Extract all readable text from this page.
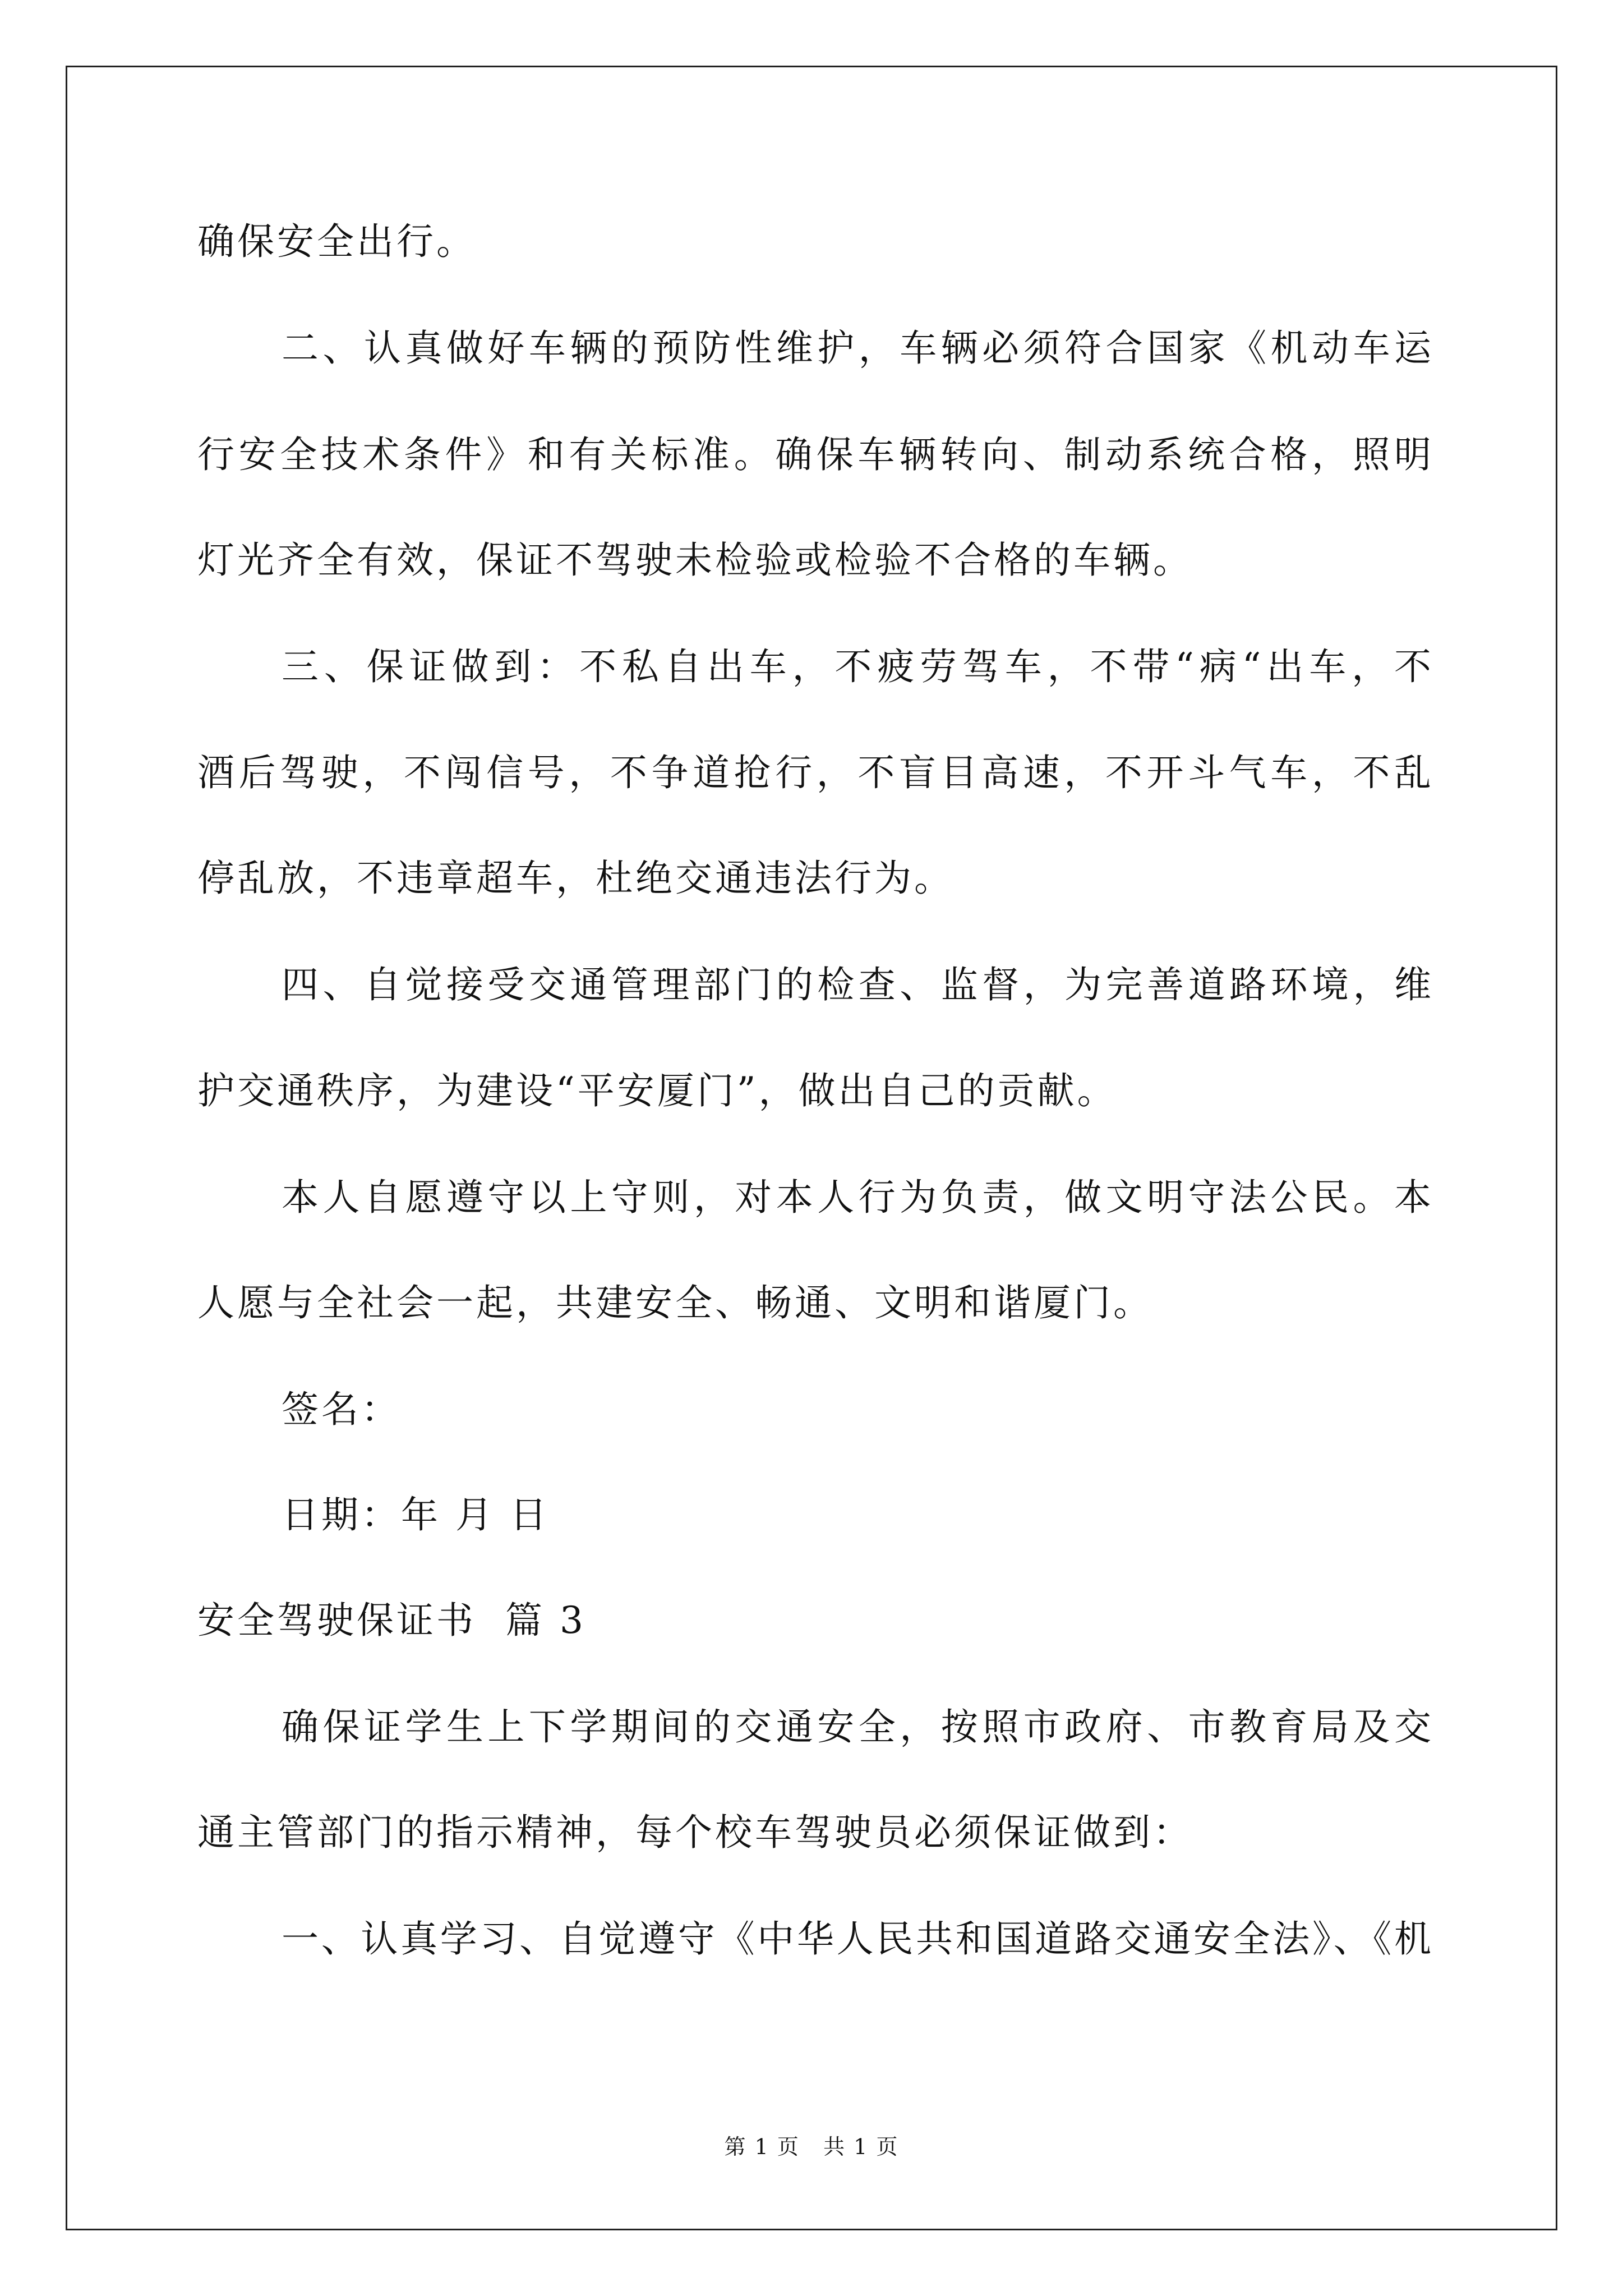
确保安全出行。

二、认真做好车辆的预防性维护，车辆必须符合国家《机动车运

行安全技术条件》和有关标准。确保车辆转向、制动系统合格，照明

灯光齐全有效，保证不驾驶未检验或检验不合格的车辆。

三、保证做到：不私自出车，不疲劳驾车，不带“病“出车，不

酒后驾驶，不闯信号，不争道抢行，不盲目高速，不开斗气车，不乱

停乱放，不违章超车，杜绝交通违法行为。

四、自觉接受交通管理部门的检查、监督，为完善道路环境，维

护交通秩序，为建设“平安厦门”，做出自己的贡献。

本人自愿遵守以上守则，对本人行为负责，做文明守法公民。本

人愿与全社会一起，共建安全、畅通、文明和谐厦门。

签名：

日期：年 月 日

安全驾驶保证书  篇 3

确保证学生上下学期间的交通安全，按照市政府、市教育局及交

通主管部门的指示精神，每个校车驾驶员必须保证做到：

一、认真学习、自觉遵守《中华人民共和国道路交通安全法》、《机

第 1 页   共 1 页
